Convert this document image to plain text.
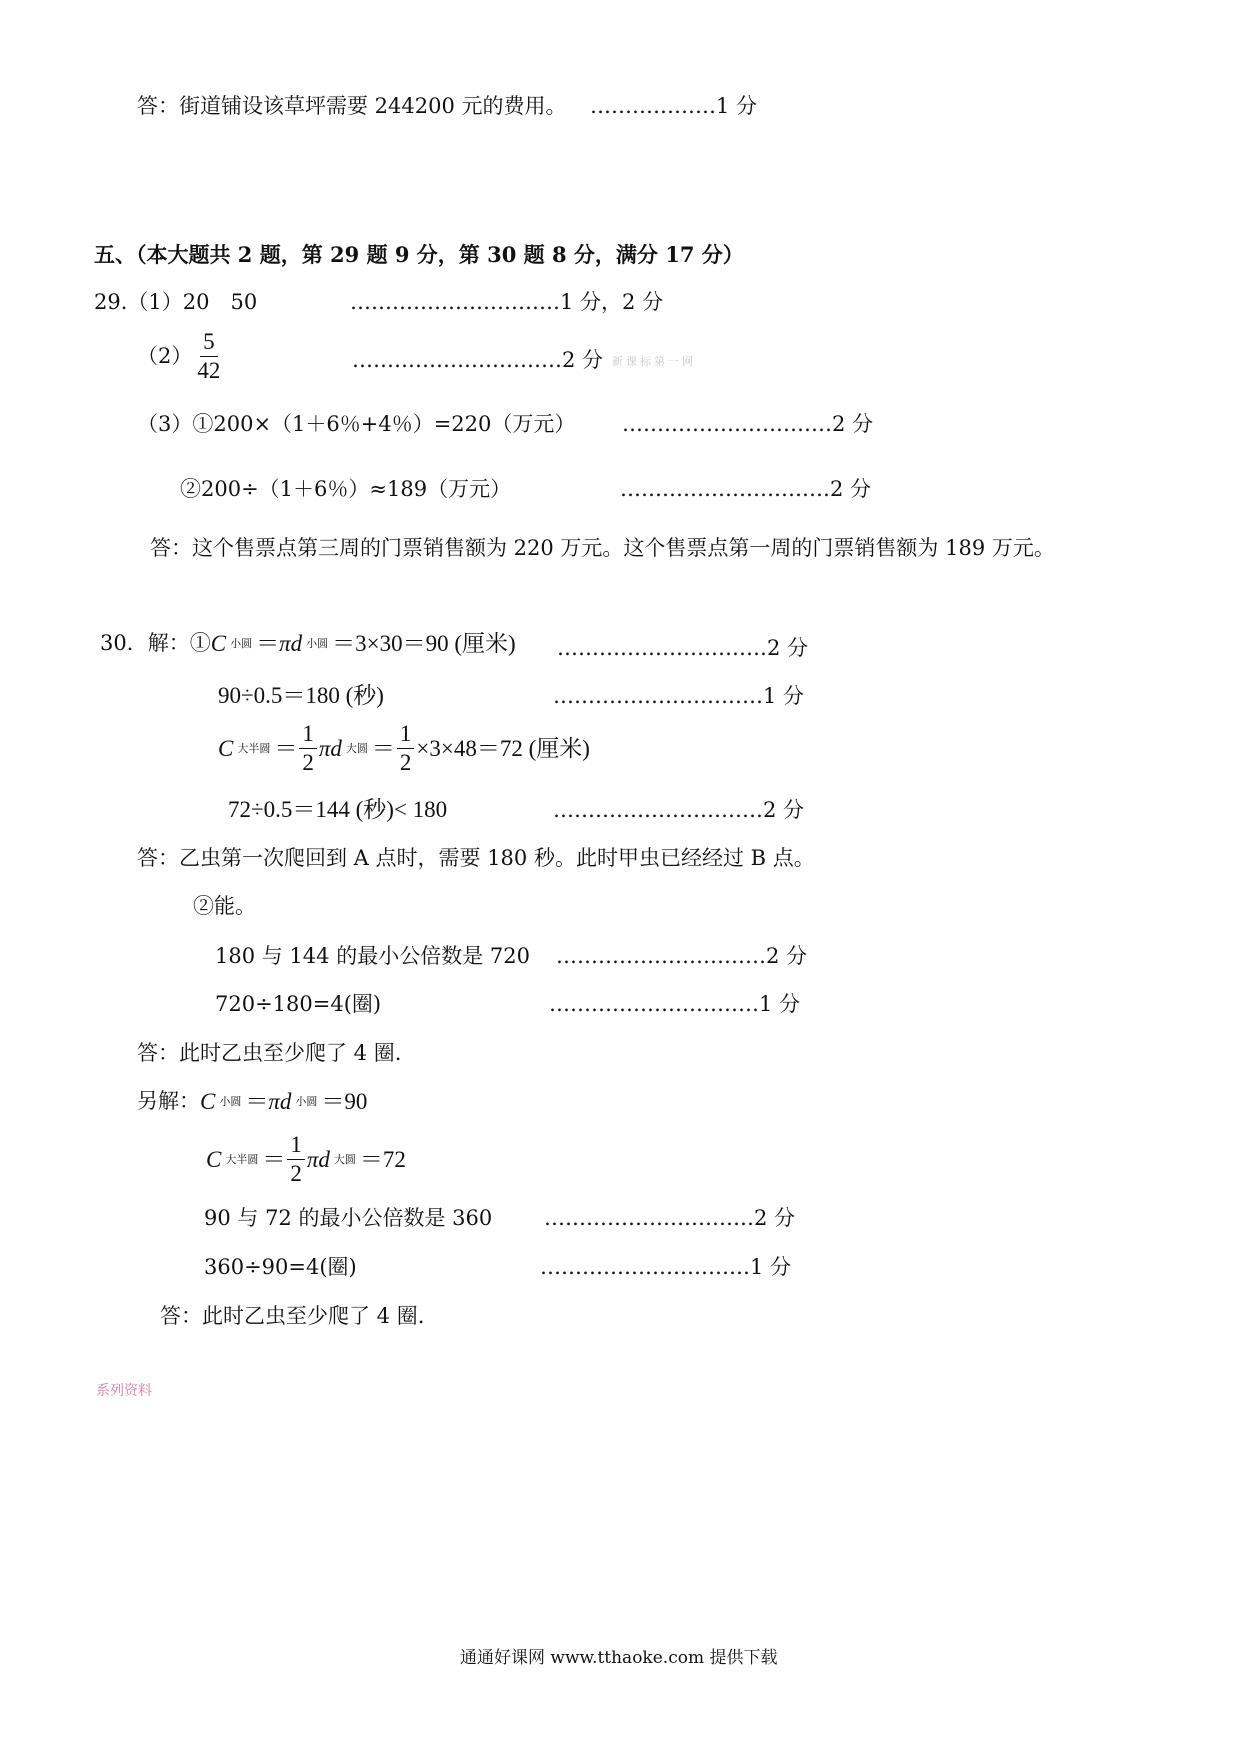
答：街道铺设该草坪需要 244200 元的费用。 ………………1 分
五、（本大题共 2 题，第 29 题 9 分，第 30 题 8 分，满分 17 分）
29.（1）20　50	…………………………1 分，2 分
$(2) \frac{5}{42}$	…………………………2 分 新课标第一网
（3）①200×（1＋6％+4％）=220（万元） …………………………2 分
②200÷（1＋6％）≈189（万元）	…………………………2 分
答：这个售票点第三周的门票销售额为 220 万元。这个售票点第一周的门票销售额为 189 万元。
30．解：① C 小圆 ＝ πd 小圆 ＝3×30＝90 (厘米) …………………………2 分
90÷0.5＝180 (秒)	…………………………1 分
C 大半圆 ＝ $\frac{1}{2}$ πd 大圆 ＝ $\frac{1}{2} \times 3\times 48=72$ (厘米)
72÷0.5＝144 (秒)< 180	…………………………2 分
答：乙虫第一次爬回到 A 点时，需要 180 秒。此时甲虫已经经过 B 点。
②能。
180 与 144 的最小公倍数是 720 …………………………2 分
720÷180=4(圈)	…………………………1 分
答：此时乙虫至少爬了 4 圈.
另解： C 小圆 ＝ πd 小圆 ＝90
C 大半圆 ＝ $\frac{1}{2}$ πd 大圆 ＝72
90 与 72 的最小公倍数是 360 …………………………2 分
360÷90=4(圈)	…………………………1 分
答：此时乙虫至少爬了 4 圈.
系列资料
通通好课网 www.tthaoke.com 提供下载
